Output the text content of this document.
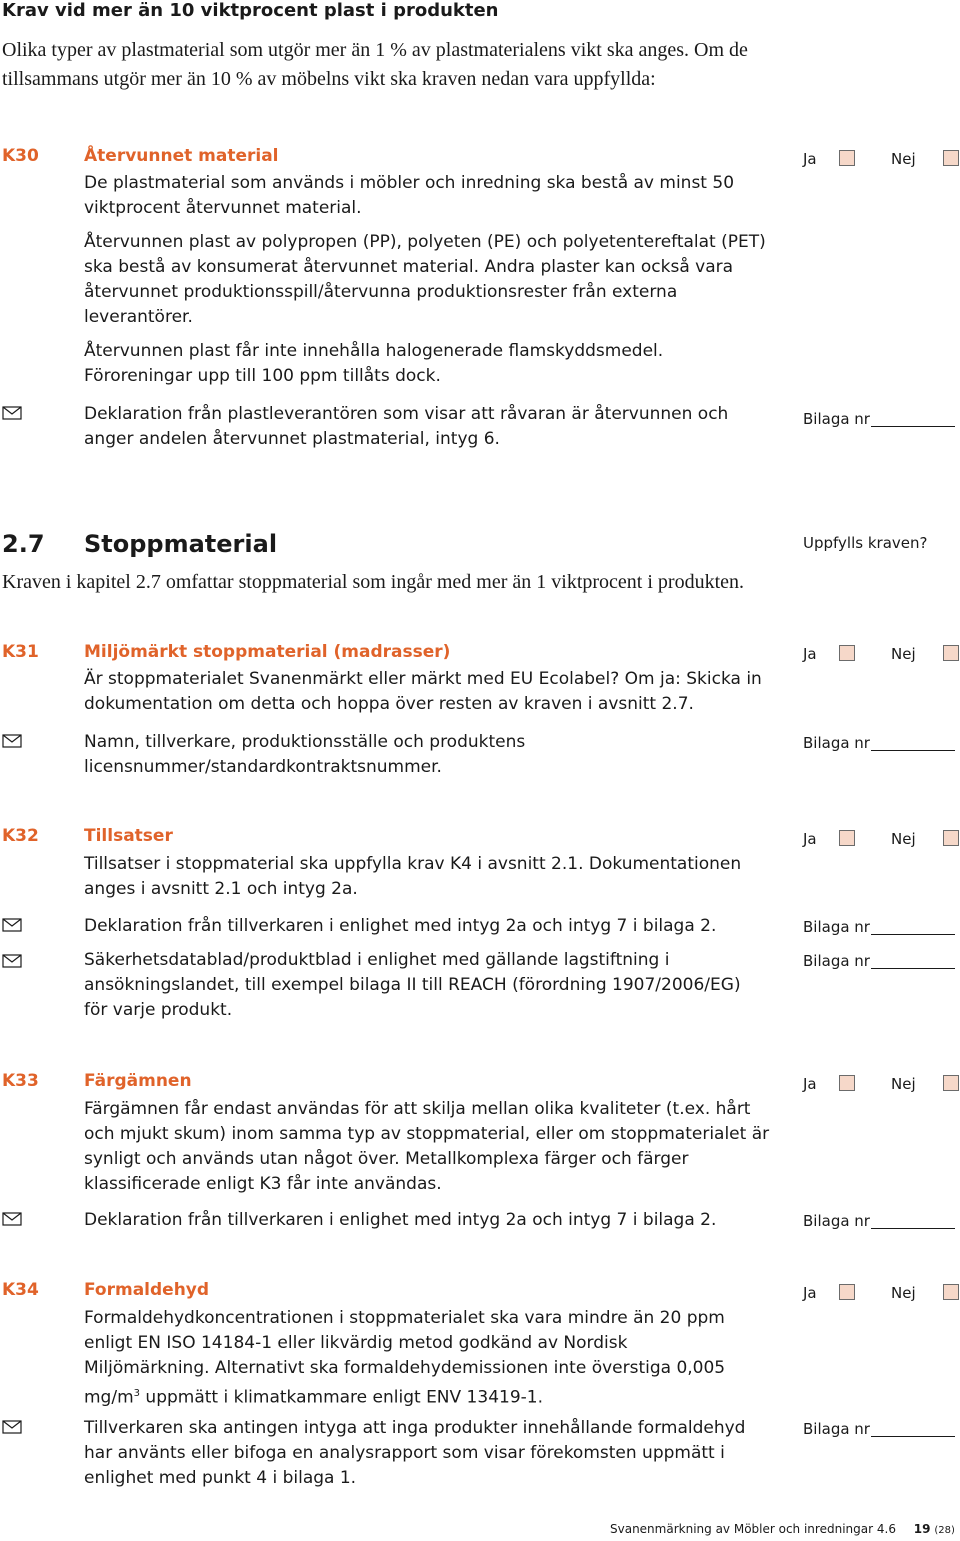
Krav vid mer än 10 viktprocent plast i produkten
Olika typer av plastmaterial som utgör mer än 1 % av plastmaterialens vikt ska anges. Om de tillsammans utgör mer än 10 % av möbelns vikt ska kraven nedan vara uppfyllda:
K30	Återvunnet material	Ja	Nej

De plastmaterial som används i möbler och inredning ska bestå av minst 50 viktprocent återvunnet material.

Återvunnen plast av polypropen (PP), polyeten (PE) och polyetentereftalat (PET) ska bestå av konsumerat återvunnet material. Andra plaster kan också vara återvunnet produktionsspill/återvunna produktionsrester från externa leverantörer.

Återvunnen plast får inte innehålla halogenerade flamskyddsmedel. Föroreningar upp till 100 ppm tillåts dock.

Deklaration från plastleverantören som visar att råvaran är återvunnen och anger andelen återvunnet plastmaterial, intyg 6.
Bilaga nr
2.7 Stoppmaterial	Uppfylls kraven?
Kraven i kapitel 2.7 omfattar stoppmaterial som ingår med mer än 1 viktprocent i produkten.
K31	Miljömärkt stoppmaterial (madrasser)	Ja	Nej
Är stoppmaterialet Svanenmärkt eller märkt med EU Ecolabel? Om ja: Skicka in dokumentation om detta och hoppa över resten av kraven i avsnitt 2.7.
Namn, tillverkare, produktionsställe och produktens licensnummer/standardkontraktsnummer.
Bilaga nr
K32	Tillsatser	Ja	Nej
Tillsatser i stoppmaterial ska uppfylla krav K4 i avsnitt 2.1. Dokumentationen anges i avsnitt 2.1 och intyg 2a.
Deklaration från tillverkaren i enlighet med intyg 2a och intyg 7 i bilaga 2.	Bilaga nr
Säkerhetsdatablad/produktblad i enlighet med gällande lagstiftning i ansökningslandet, till exempel bilaga II till REACH (förordning 1907/2006/EG) för varje produkt.
Bilaga nr
K33	Färgämnen	Ja	Nej
Färgämnen får endast användas för att skilja mellan olika kvaliteter (t.ex. hårt och mjukt skum) inom samma typ av stoppmaterial, eller om stoppmaterialet är synligt och används utan något över. Metallkomplexa färger och färger klassificerade enligt K3 får inte användas.
Deklaration från tillverkaren i enlighet med intyg 2a och intyg 7 i bilaga 2.	Bilaga nr
K34	Formaldehyd	Ja	Nej
Formaldehydkoncentrationen i stoppmaterialet ska vara mindre än 20 ppm enligt EN ISO 14184-1 eller likvärdig metod godkänd av Nordisk Miljömärkning. Alternativt ska formaldehydemissionen inte överstiga 0,005 $mg/m^3$ uppmätt i klimatkammare enligt ENV 13419-1.
Tillverkaren ska antingen intyga att inga produkter innehållande formaldehyd har använts eller bifoga en analysrapport som visar förekomsten uppmätt i enlighet med punkt 4 i bilaga 1.
Bilaga nr
Svanenmärkning av Möbler och inredningar 4.6 19 (28)
